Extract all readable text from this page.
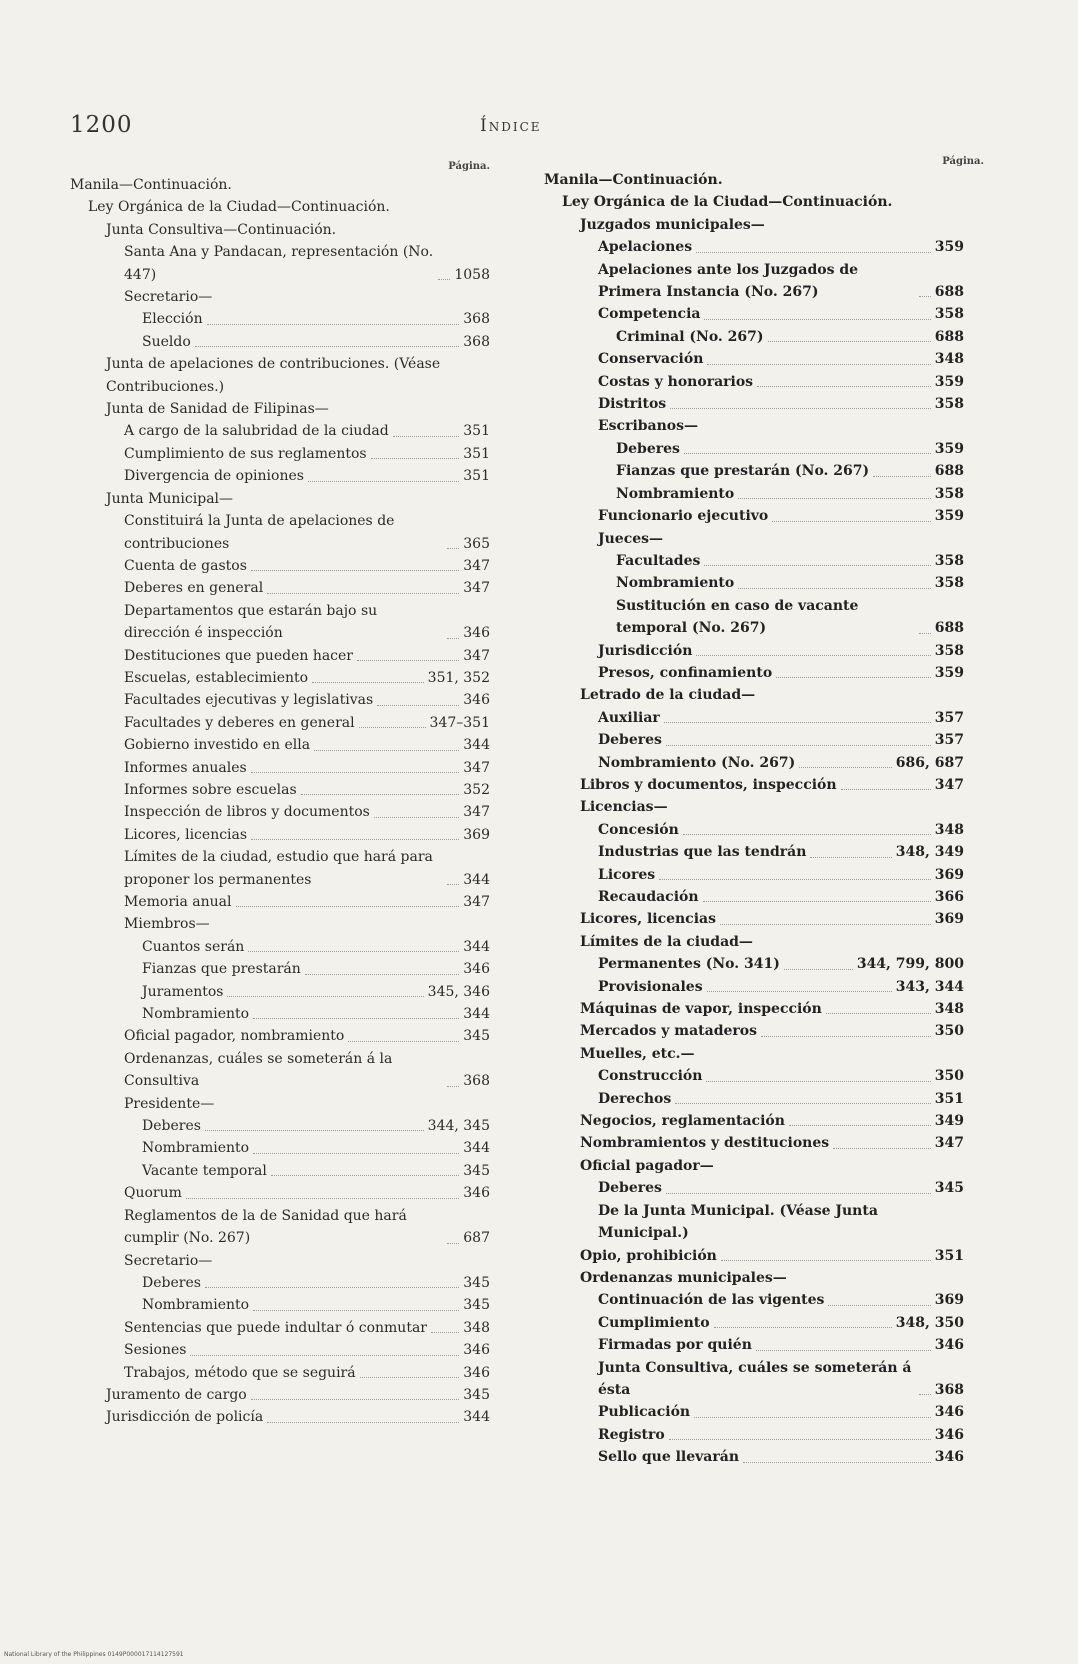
1200	Índice
Página.
Manila—Continuación.
Ley Orgánica de la Ciudad—Continuación.
Junta Consultiva—Continuación.
Santa Ana y Pandacan, representación (No. 447)	1058
Secretario—
Elección	368
Sueldo	368
Junta de apelaciones de contribuciones. (Véase Contribuciones.)
Junta de Sanidad de Filipinas—
A cargo de la salubridad de la ciudad	351
Cumplimiento de sus reglamentos	351
Divergencia de opiniones	351
Junta Municipal—
Constituirá la Junta de apelaciones de contribuciones	365
Cuenta de gastos	347
Deberes en general	347
Departamentos que estarán bajo su dirección é inspección	346
Destituciones que pueden hacer	347
Escuelas, establecimiento	351, 352
Facultades ejecutivas y legislativas	346
Facultades y deberes en general	347–351
Gobierno investido en ella	344
Informes anuales	347
Informes sobre escuelas	352
Inspección de libros y documentos	347
Licores, licencias	369
Límites de la ciudad, estudio que hará para proponer los permanentes	344
Memoria anual	347
Miembros—
Cuantos serán	344
Fianzas que prestarán	346
Juramentos	345, 346
Nombramiento	344
Oficial pagador, nombramiento	345
Ordenanzas, cuáles se someterán á la Consultiva	368
Presidente—
Deberes	344, 345
Nombramiento	344
Vacante temporal	345
Quorum	346
Reglamentos de la de Sanidad que hará cumplir (No. 267)	687
Secretario—
Deberes	345
Nombramiento	345
Sentencias que puede indultar ó conmutar	348
Sesiones	346
Trabajos, método que se seguirá	346
Juramento de cargo	345
Jurisdicción de policía	344
Página.
Manila—Continuación.
Ley Orgánica de la Ciudad—Continuación.
Juzgados municipales—
Apelaciones	359
Apelaciones ante los Juzgados de Primera Instancia (No. 267)	688
Competencia	358
Criminal (No. 267)	688
Conservación	348
Costas y honorarios	359
Distritos	358
Escribanos—
Deberes	359
Fianzas que prestarán (No. 267)	688
Nombramiento	358
Funcionario ejecutivo	359
Jueces—
Facultades	358
Nombramiento	358
Sustitución en caso de vacante temporal (No. 267)	688
Jurisdicción	358
Presos, confinamiento	359
Letrado de la ciudad—
Auxiliar	357
Deberes	357
Nombramiento (No. 267)	686, 687
Libros y documentos, inspección	347
Licencias—
Concesión	348
Industrias que las tendrán	348, 349
Licores	369
Recaudación	366
Licores, licencias	369
Límites de la ciudad—
Permanentes (No. 341)	344, 799, 800
Provisionales	343, 344
Máquinas de vapor, inspección	348
Mercados y mataderos	350
Muelles, etc.—
Construcción	350
Derechos	351
Negocios, reglamentación	349
Nombramientos y destituciones	347
Oficial pagador—
Deberes	345
De la Junta Municipal. (Véase Junta Municipal.)
Opio, prohibición	351
Ordenanzas municipales—
Continuación de las vigentes	369
Cumplimiento	348, 350
Firmadas por quién	346
Junta Consultiva, cuáles se someterán á ésta	368
Publicación	346
Registro	346
Sello que llevarán	346
National Library of the Philippines 0149P000017114127591
